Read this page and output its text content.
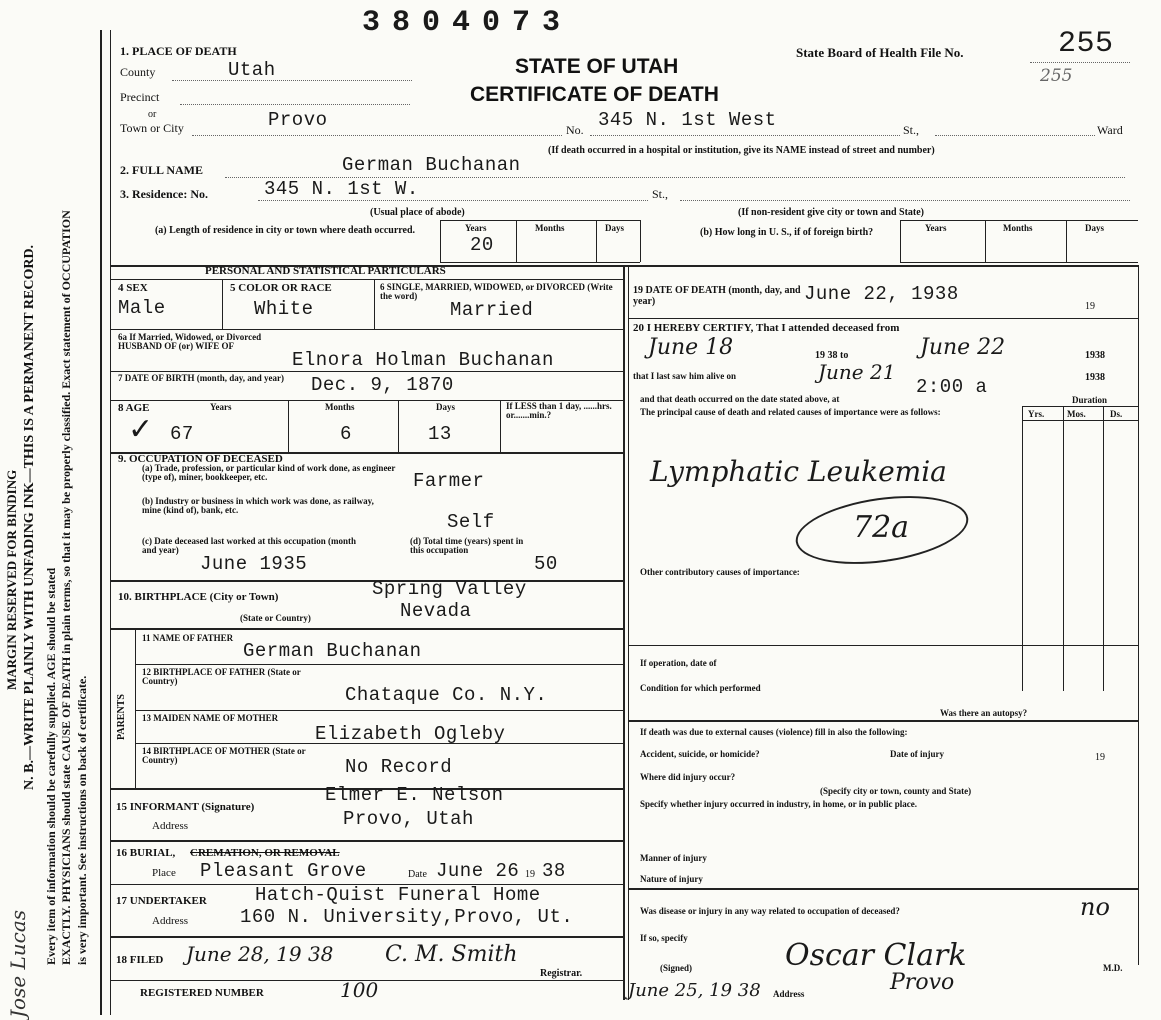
MARGIN RESERVED FOR BINDING N. B.—WRITE PLAINLY WITH UNFADING INK—THIS IS A PERMANENT RECORD. Every item of information should be carefully supplied. AGE should be stated EXACTLY. PHYSICIANS should state CAUSE OF DEATH in plain terms, so that it may be properly classified. Exact statement of OCCUPATION is very important. See instructions on back of certificate.
Jose Lucas
3804073
STATE OF UTAH
CERTIFICATE OF DEATH
State Board of Health File No.	255
255
1. PLACE OF DEATH
County	Utah
Precinct
or
Town or City	Provo	No. 345 N. 1st West	St.,	Ward
(If death occurred in a hospital or institution, give its NAME instead of street and number)
2. FULL NAME	German Buchanan
3. Residence: No.	345 N. 1st W.	St.,
(Usual place of abode)	(If non-resident give city or town and State)
(a) Length of residence in city or town where death occurred.	Years
20
Months	Days	(b) How long in U. S., if of foreign birth?	Years	Months	Days
PERSONAL AND STATISTICAL PARTICULARS
4 SEX
Male
5 COLOR OR RACE
White
6 SINGLE, MARRIED, WIDOWED, or DIVORCED (Write the word)
Married
6a If Married, Widowed, or Divorced HUSBAND OF (or) WIFE OF
Elnora Holman Buchanan
7 DATE OF BIRTH (month, day, and year) Dec. 9, 1870
8 AGE	Years	Months	Days
67	6	13
If LESS than 1 day, ......hrs. or.......min.?
✓
9. OCCUPATION OF DECEASED
(a) Trade, profession, or particular kind of work done, as engineer (type of), miner, bookkeeper, etc.	Farmer
(b) Industry or business in which work was done, as railway, mine (kind of), bank, etc.
Self
(c) Date deceased last worked at this occupation (month and year)
June 1935
(d) Total time (years) spent in this occupation
50
10. BIRTHPLACE (City or Town)	Spring Valley
(State or Country)	Nevada
PARENTS
11 NAME OF FATHER
German Buchanan
12 BIRTHPLACE OF FATHER (State or Country)
Chataque Co. N.Y.
13 MAIDEN NAME OF MOTHER
Elizabeth Ogleby
14 BIRTHPLACE OF MOTHER (State or Country)	No Record
15 INFORMANT (Signature)
Elmer E. Nelson
Address	Provo, Utah
16 BURIAL, CREMATION, OR REMOVAL
Place Pleasant Grove	Date June 26 19 38
17 UNDERTAKER	Hatch-Quist Funeral Home
Address	160 N. University,Provo, Ut.
18 FILED June 28, 19 38 C. M. Smith
Registrar.
REGISTERED NUMBER	100
19 DATE OF DEATH (month, day, and year)	June 22, 1938
19
20 I HEREBY CERTIFY, That I attended deceased from
June 18	19 38 to	June 22	1938
that I last saw him alive on	June 21	1938
and that death occurred on the date stated above, at
2:00 a
Duration
The principal cause of death and related causes of importance were as follows:	Yrs.	Mos.	Ds.
Lymphatic Leukemia
72a
Other contributory causes of importance:
If operation, date of
Condition for which performed
Was there an autopsy?
If death was due to external causes (violence) fill in also the following:
Accident, suicide, or homicide?	Date of injury	19
Where did injury occur?
(Specify city or town, county and State)
Specify whether injury occurred in industry, in home, or in public place.
Manner of injury
Nature of injury
Was disease or injury in any way related to occupation of deceased?	no
If so, specify
(Signed)	Oscar Clark	M.D.
June 25, 19 38 Address	Provo
